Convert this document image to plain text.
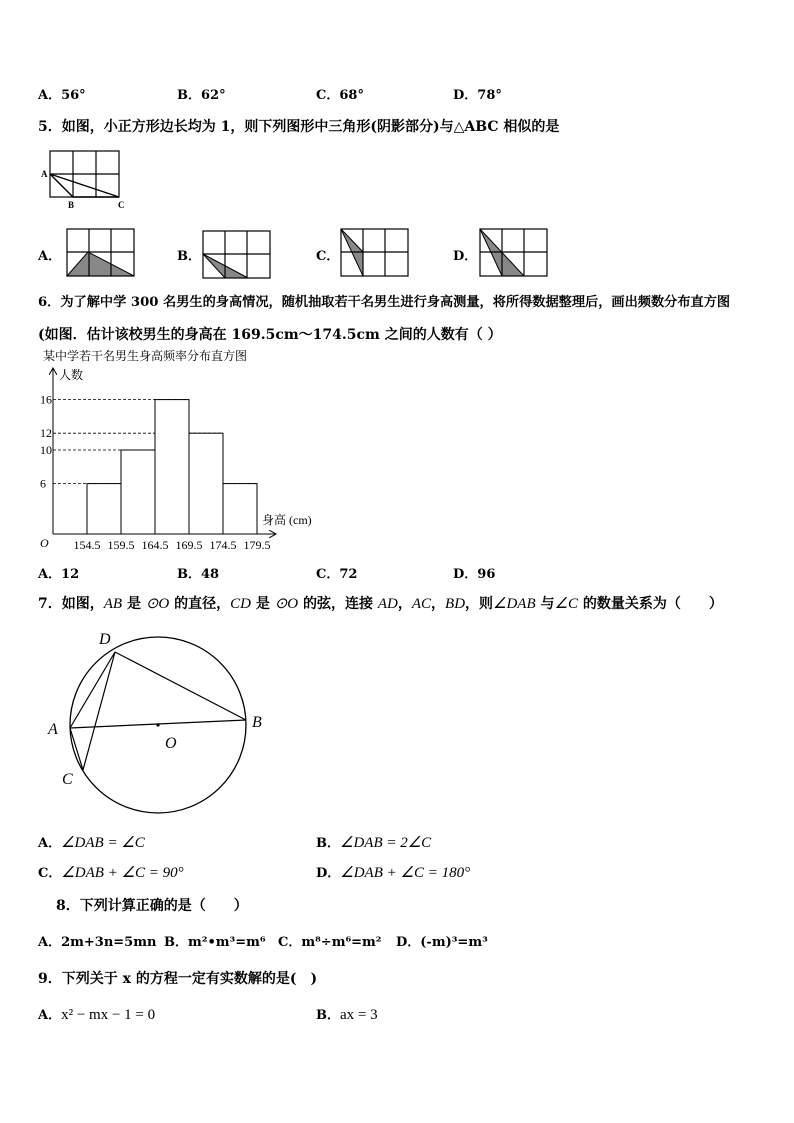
A．56°	B．62°	C．68°	D．78°
5．如图，小正方形边长均为 1，则下列图形中三角形(阴影部分)与△ABC 相似的是
A
B	C
A．	B．	C．	D．
6．为了解中学 300 名男生的身高情况，随机抽取若干名男生进行身高测量，将所得数据整理后，画出频数分布直方图
(如图．估计该校男生的身高在 169.5cm～174.5cm 之间的人数有（ ）
某中学若干名男生身高频率分布直方图
人数
身高 (cm)
O
6
10
12
16
154.5 159.5 164.5 169.5 174.5 179.5
A．12	B．48	C．72	D．96
7．如图，AB 是 ⊙O 的直径，CD 是 ⊙O 的弦，连接 AD，AC，BD，则∠DAB 与∠C 的数量关系为（　　）
D
A	B
O
C
A．∠DAB = ∠C	B．∠DAB = 2∠C
C．∠DAB + ∠C = 90°	D．∠DAB + ∠C = 180°
8．下列计算正确的是（　　）
A．2m+3n=5mn B．m²•m³=m⁶ C．m⁸÷m⁶=m² D．(-m)³=m³
9．下列关于 x 的方程一定有实数解的是(　)
A．x² − mx − 1 = 0	B．ax = 3
